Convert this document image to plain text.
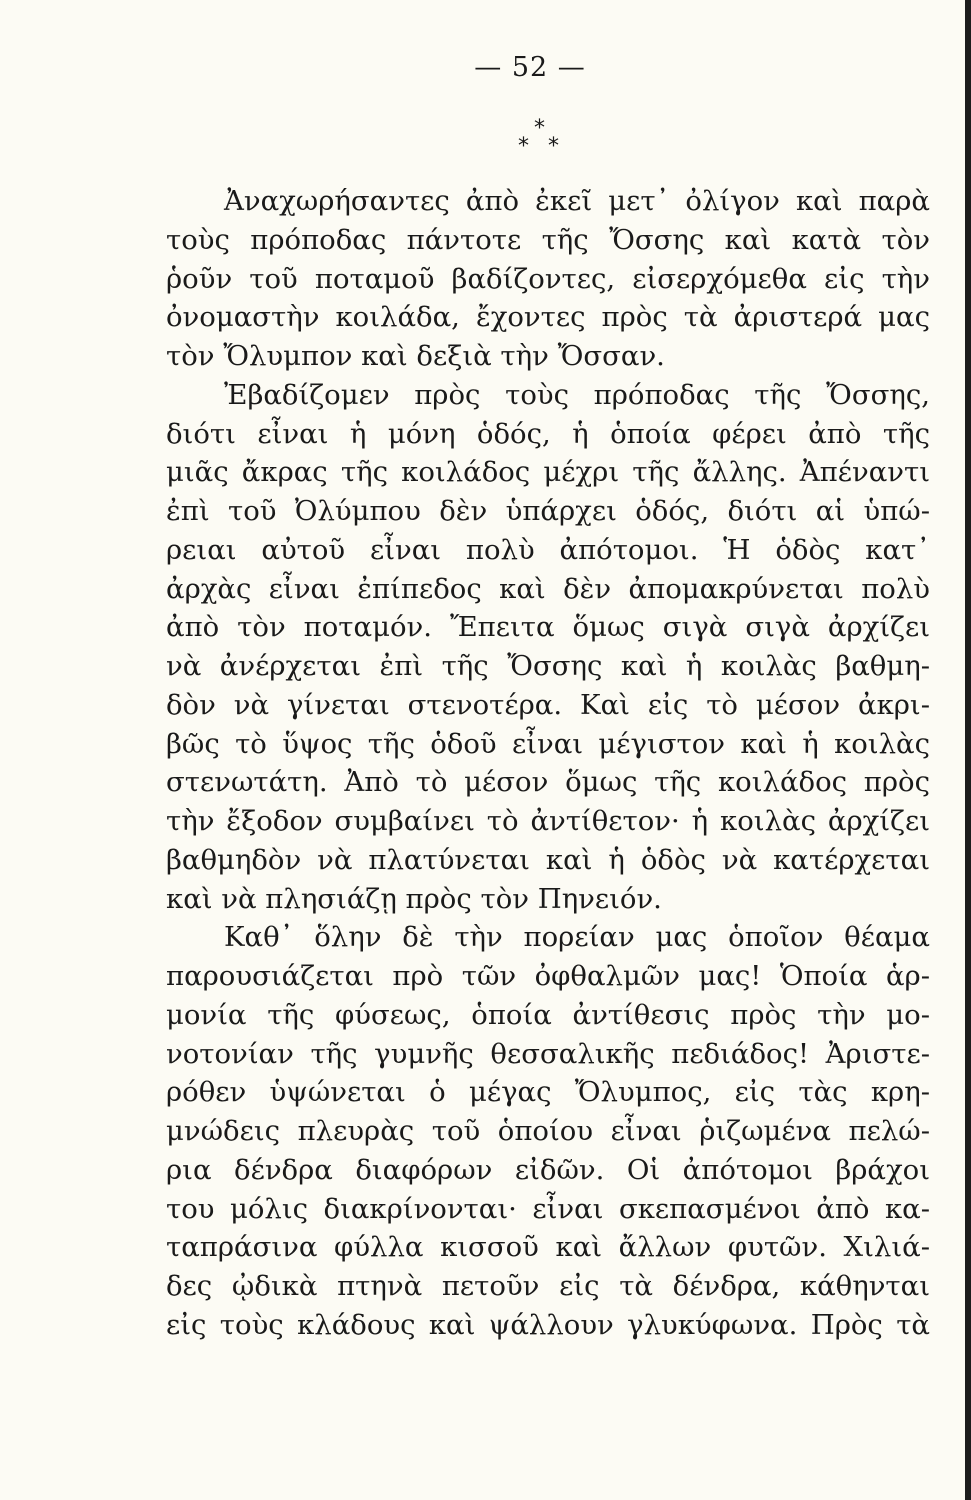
— 52 —
*
* *
Ἀναχωρήσαντες ἀπὸ ἐκεῖ μετ᾽ ὀλίγον καὶ παρὰ
τοὺς πρόποδας πάντοτε τῆς Ὄσσης καὶ κατὰ τὸν
ῥοῦν τοῦ ποταμοῦ βαδίζοντες, εἰσερχόμεθα εἰς τὴν
ὀνομαστὴν κοιλάδα, ἔχοντες πρὸς τὰ ἀριστερά μας
τὸν Ὄλυμπον καὶ δεξιὰ τὴν Ὄσσαν.
Ἐβαδίζομεν πρὸς τοὺς πρόποδας τῆς Ὄσσης,
διότι εἶναι ἡ μόνη ὁδός, ἡ ὁποία φέρει ἀπὸ τῆς
μιᾶς ἄκρας τῆς κοιλάδος μέχρι τῆς ἄλλης. Ἀπέναντι
ἐπὶ τοῦ Ὀλύμπου δὲν ὑπάρχει ὁδός, διότι αἱ ὑπώ-
ρειαι αὐτοῦ εἶναι πολὺ ἀπότομοι. Ἡ ὁδὸς κατ᾽
ἀρχὰς εἶναι ἐπίπεδος καὶ δὲν ἀπομακρύνεται πολὺ
ἀπὸ τὸν ποταμόν. Ἔπειτα ὅμως σιγὰ σιγὰ ἀρχίζει
νὰ ἀνέρχεται ἐπὶ τῆς Ὄσσης καὶ ἡ κοιλὰς βαθμη-
δὸν νὰ γίνεται στενοτέρα. Καὶ εἰς τὸ μέσον ἀκρι-
βῶς τὸ ὕψος τῆς ὁδοῦ εἶναι μέγιστον καὶ ἡ κοιλὰς
στενωτάτη. Ἀπὸ τὸ μέσον ὅμως τῆς κοιλάδος πρὸς
τὴν ἔξοδον συμβαίνει τὸ ἀντίθετον· ἡ κοιλὰς ἀρχίζει
βαθμηδὸν νὰ πλατύνεται καὶ ἡ ὁδὸς νὰ κατέρχεται
καὶ νὰ πλησιάζῃ πρὸς τὸν Πηνειόν.
Καθ᾽ ὅλην δὲ τὴν πορείαν μας ὁποῖον θέαμα
παρουσιάζεται πρὸ τῶν ὀφθαλμῶν μας! Ὁποία ἁρ-
μονία τῆς φύσεως, ὁποία ἀντίθεσις πρὸς τὴν μο-
νοτονίαν τῆς γυμνῆς θεσσαλικῆς πεδιάδος! Ἀριστε-
ρόθεν ὑψώνεται ὁ μέγας Ὄλυμπος, εἰς τὰς κρη-
μνώδεις πλευρὰς τοῦ ὁποίου εἶναι ῥιζωμένα πελώ-
ρια δένδρα διαφόρων εἰδῶν. Οἱ ἀπότομοι βράχοι
του μόλις διακρίνονται· εἶναι σκεπασμένοι ἀπὸ κα-
ταπράσινα φύλλα κισσοῦ καὶ ἄλλων φυτῶν. Χιλιά-
δες ᾠδικὰ πτηνὰ πετοῦν εἰς τὰ δένδρα, κάθηνται
εἰς τοὺς κλάδους καὶ ψάλλουν γλυκύφωνα. Πρὸς τὰ
